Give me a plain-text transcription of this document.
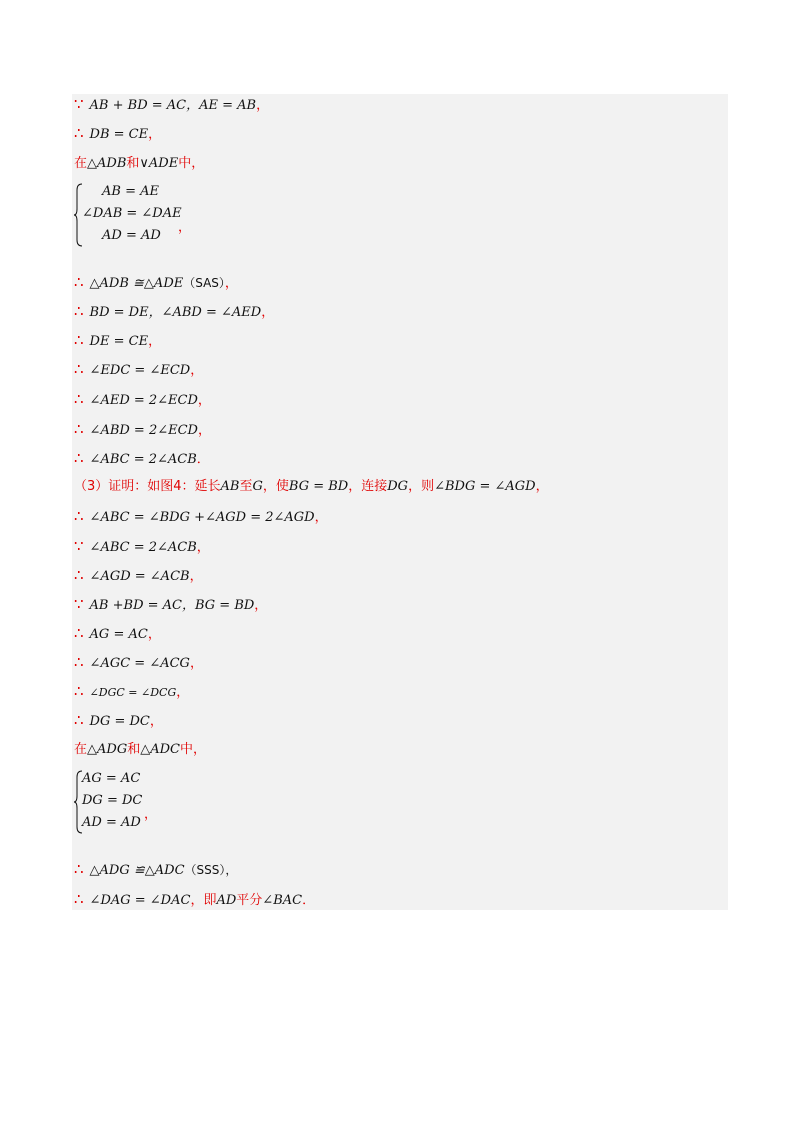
∵ AB + BD = AC，AE = AB，
∴ DB = CE，
在△ADB和∨ADE中，
AB = AE
∠DAB = ∠DAE
AD = AD
，
∴ △ADB ≅△ADE（SAS），
∴ BD = DE，∠ABD = ∠AED，
∴ DE = CE，
∴ ∠EDC = ∠ECD，
∴ ∠AED = 2∠ECD，
∴ ∠ABD = 2∠ECD，
∴ ∠ABC = 2∠ACB．
（3）证明：如图4：延长AB至G，使BG = BD，连接DG，则∠BDG = ∠AGD，
∴ ∠ABC = ∠BDG +∠AGD = 2∠AGD，
∵ ∠ABC = 2∠ACB，
∴ ∠AGD = ∠ACB，
∵ AB +BD = AC，BG = BD，
∴ AG = AC，
∴ ∠AGC = ∠ACG，
∴ ∠DGC = ∠DCG，
∴ DG = DC，
在△ADG和△ADC中，
AG = AC
DG = DC
AD = AD
，
∴ △ADG ≌△ADC（SSS），
∴ ∠DAG = ∠DAC，即AD平分∠BAC．
